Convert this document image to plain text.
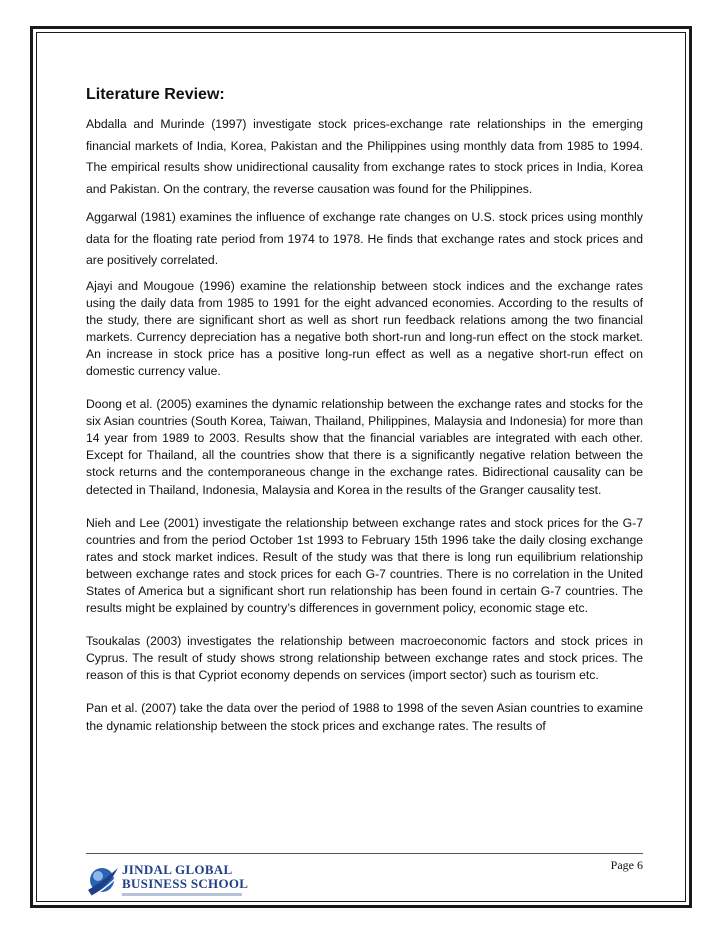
Literature Review:

Abdalla and Murinde (1997) investigate stock prices-exchange rate relationships in the emerging financial markets of India, Korea, Pakistan and the Philippines using monthly data from 1985 to 1994. The empirical results show unidirectional causality from exchange rates to stock prices in India, Korea and Pakistan. On the contrary, the reverse causation was found for the Philippines.

Aggarwal (1981) examines the influence of exchange rate changes on U.S. stock prices using monthly data for the floating rate period from 1974 to 1978. He finds that exchange rates and stock prices and are positively correlated.

Ajayi and Mougoue (1996) examine the relationship between stock indices and the exchange rates using the daily data from 1985 to 1991 for the eight advanced economies. According to the results of the study, there are significant short as well as short run feedback relations among the two financial markets. Currency depreciation has a negative both short-run and long-run effect on the stock market. An increase in stock price has a positive long-run effect as well as a negative short-run effect on domestic currency value.

Doong et al. (2005) examines the dynamic relationship between the exchange rates and stocks for the six Asian countries (South Korea, Taiwan, Thailand, Philippines, Malaysia and Indonesia) for more than 14 year from 1989 to 2003. Results show that the financial variables are integrated with each other. Except for Thailand, all the countries show that there is a significantly negative relation between the stock returns and the contemporaneous change in the exchange rates. Bidirectional causality can be detected in Thailand, Indonesia, Malaysia and Korea in the results of the Granger causality test.

Nieh and Lee (2001) investigate the relationship between exchange rates and stock prices for the G-7 countries and from the period October 1st 1993 to February 15th 1996 take the daily closing exchange rates and stock market indices. Result of the study was that there is long run equilibrium relationship between exchange rates and stock prices for each G-7 countries. There is no correlation in the United States of America but a significant short run relationship has been found in certain G-7 countries. The results might be explained by country’s differences in government policy, economic stage etc.

Tsoukalas (2003) investigates the relationship between macroeconomic factors and stock prices in Cyprus. The result of study shows strong relationship between exchange rates and stock prices. The reason of this is that Cypriot economy depends on services (import sector) such as tourism etc.

Pan et al. (2007) take the data over the period of 1988 to 1998 of the seven Asian countries to examine the dynamic relationship between the stock prices and exchange rates. The results of

Page 6
JINDAL GLOBAL
BUSINESS SCHOOL
